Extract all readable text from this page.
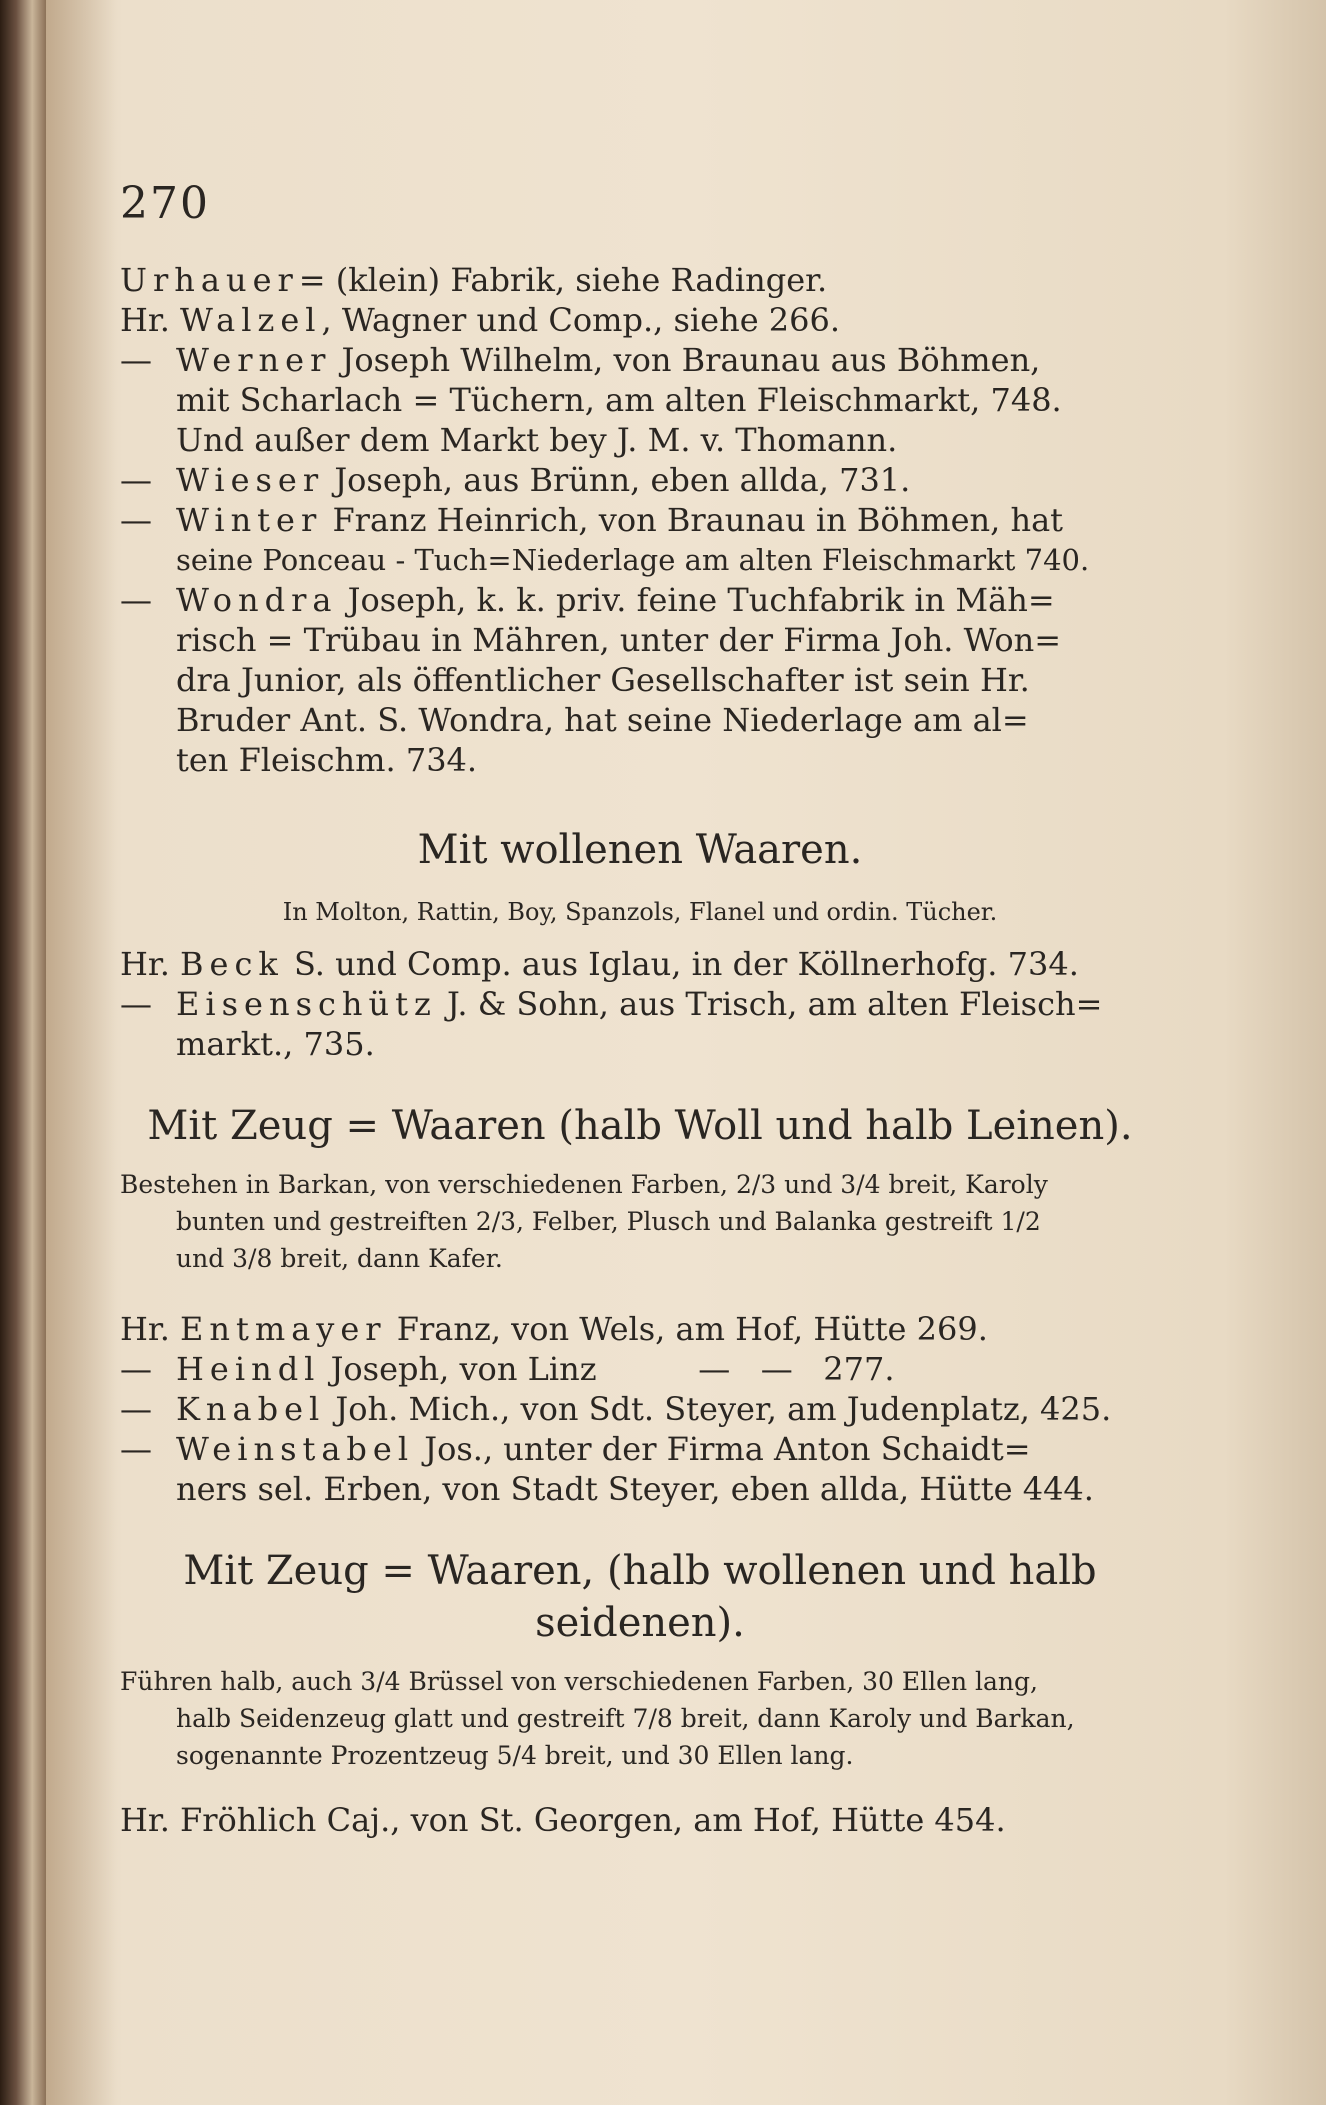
270
Urhauer= (klein) Fabrik, siehe Radinger.
Hr. Walzel, Wagner und Comp., siehe 266.
— Werner Joseph Wilhelm, von Braunau aus Böhmen,
mit Scharlach = Tüchern, am alten Fleischmarkt, 748.
Und außer dem Markt bey J. M. v. Thomann.
— Wieser Joseph, aus Brünn, eben allda, 731.
— Winter Franz Heinrich, von Braunau in Böhmen, hat
seine Ponceau - Tuch=Niederlage am alten Fleischmarkt 740.
— Wondra Joseph, k. k. priv. feine Tuchfabrik in Mäh=
risch = Trübau in Mähren, unter der Firma Joh. Won=
dra Junior, als öffentlicher Gesellschafter ist sein Hr.
Bruder Ant. S. Wondra, hat seine Niederlage am al=
ten Fleischm. 734.
Mit wollenen Waaren.
In Molton, Rattin, Boy, Spanzols, Flanel und ordin. Tücher.
Hr. Beck S. und Comp. aus Iglau, in der Köllnerhofg. 734.
— Eisenschütz J. & Sohn, aus Trisch, am alten Fleisch=
markt., 735.
Mit Zeug = Waaren (halb Woll und halb Leinen).
Bestehen in Barkan, von verschiedenen Farben, 2/3 und 3/4 breit, Karoly
bunten und gestreiften 2/3, Felber, Plusch und Balanka gestreift 1/2
und 3/8 breit, dann Kafer.
Hr. Entmayer Franz, von Wels, am Hof, Hütte 269.
— Heindl Joseph, von Linz          —   —   277.
— Knabel Joh. Mich., von Sdt. Steyer, am Judenplatz, 425.
— Weinstabel Jos., unter der Firma Anton Schaidt=
ners sel. Erben, von Stadt Steyer, eben allda, Hütte 444.
Mit Zeug = Waaren, (halb wollenen und halb
seidenen).
Führen halb, auch 3/4 Brüssel von verschiedenen Farben, 30 Ellen lang,
halb Seidenzeug glatt und gestreift 7/8 breit, dann Karoly und Barkan,
sogenannte Prozentzeug 5/4 breit, und 30 Ellen lang.
Hr. Fröhlich Caj., von St. Georgen, am Hof, Hütte 454.
